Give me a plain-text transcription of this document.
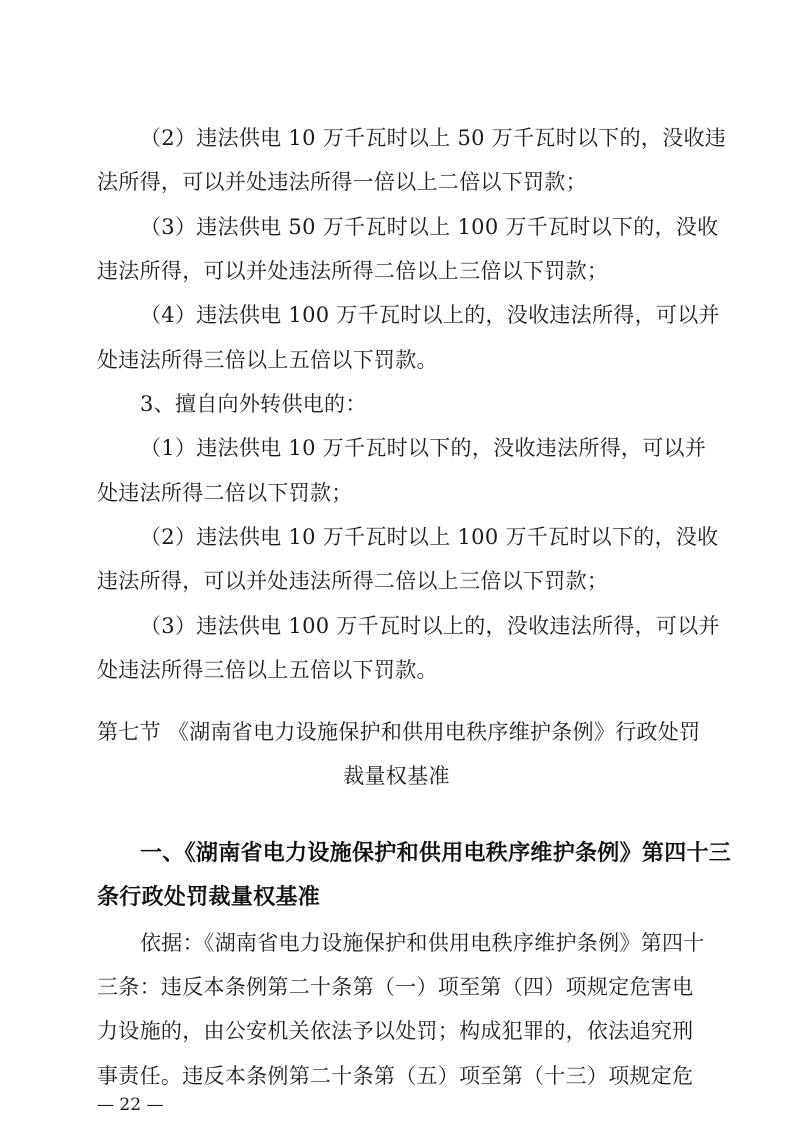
（2）违法供电 10 万千瓦时以上 50 万千瓦时以下的，没收违
法所得，可以并处违法所得一倍以上二倍以下罚款；
（3）违法供电 50 万千瓦时以上 100 万千瓦时以下的，没收
违法所得，可以并处违法所得二倍以上三倍以下罚款；
（4）违法供电 100 万千瓦时以上的，没收违法所得，可以并
处违法所得三倍以上五倍以下罚款。
3、擅自向外转供电的：
（1）违法供电 10 万千瓦时以下的，没收违法所得，可以并
处违法所得二倍以下罚款；
（2）违法供电 10 万千瓦时以上 100 万千瓦时以下的，没收
违法所得，可以并处违法所得二倍以上三倍以下罚款；
（3）违法供电 100 万千瓦时以上的，没收违法所得，可以并
处违法所得三倍以上五倍以下罚款。
第七节 《湖南省电力设施保护和供用电秩序维护条例》行政处罚
裁量权基准
一、《湖南省电力设施保护和供用电秩序维护条例》第四十三
条行政处罚裁量权基准
依据：《湖南省电力设施保护和供用电秩序维护条例》第四十
三条：违反本条例第二十条第（一）项至第（四）项规定危害电
力设施的，由公安机关依法予以处罚；构成犯罪的，依法追究刑
事责任。违反本条例第二十条第（五）项至第（十三）项规定危
— 22 —
